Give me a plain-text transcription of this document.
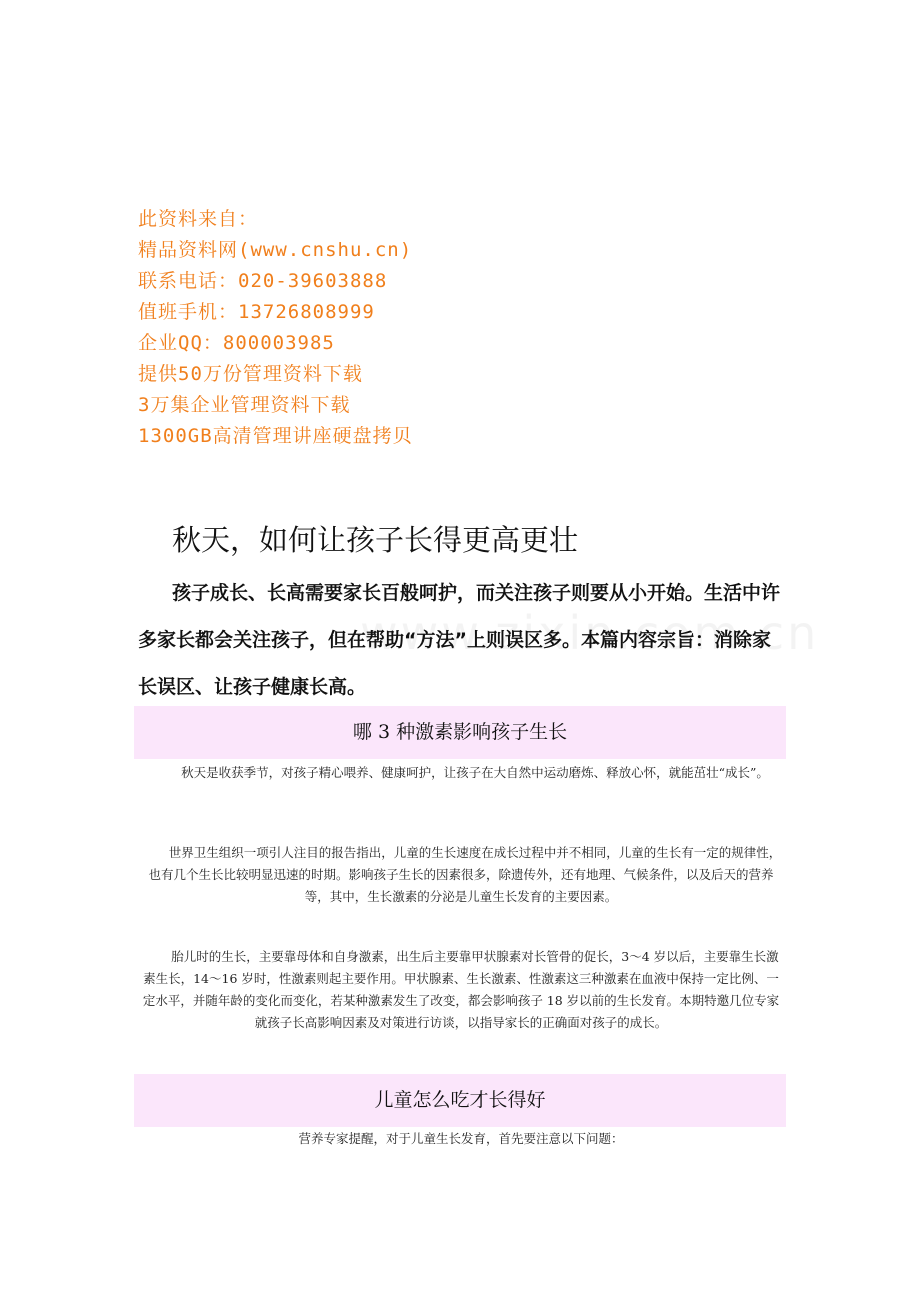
此资料来自：
精品资料网(www.cnshu.cn)
联系电话：020-39603888
值班手机：13726808999
企业QQ：800003985
提供50万份管理资料下载
3万集企业管理资料下载
1300GB高清管理讲座硬盘拷贝
秋天，如何让孩子长得更高更壮
孩子成长、长高需要家长百般呵护，而关注孩子则要从小开始。生活中许多家长都会关注孩子，但在帮助“方法”上则误区多。本篇内容宗旨：消除家长误区、让孩子健康长高。
哪 3 种激素影响孩子生长
秋天是收获季节，对孩子精心喂养、健康呵护，让孩子在大自然中运动磨炼、释放心怀，就能茁壮“成长”。
世界卫生组织一项引人注目的报告指出，儿童的生长速度在成长过程中并不相同，儿童的生长有一定的规律性，也有几个生长比较明显迅速的时期。影响孩子生长的因素很多，除遗传外，还有地理、气候条件，以及后天的营养等，其中，生长激素的分泌是儿童生长发育的主要因素。
胎儿时的生长，主要靠母体和自身激素，出生后主要靠甲状腺素对长管骨的促长，3～4 岁以后，主要靠生长激素生长，14～16 岁时，性激素则起主要作用。甲状腺素、生长激素、性激素这三种激素在血液中保持一定比例、一定水平，并随年龄的变化而变化，若某种激素发生了改变，都会影响孩子 18 岁以前的生长发育。本期特邀几位专家就孩子长高影响因素及对策进行访谈，以指导家长的正确面对孩子的成长。
儿童怎么吃才长得好
营养专家提醒，对于儿童生长发育，首先要注意以下问题：
